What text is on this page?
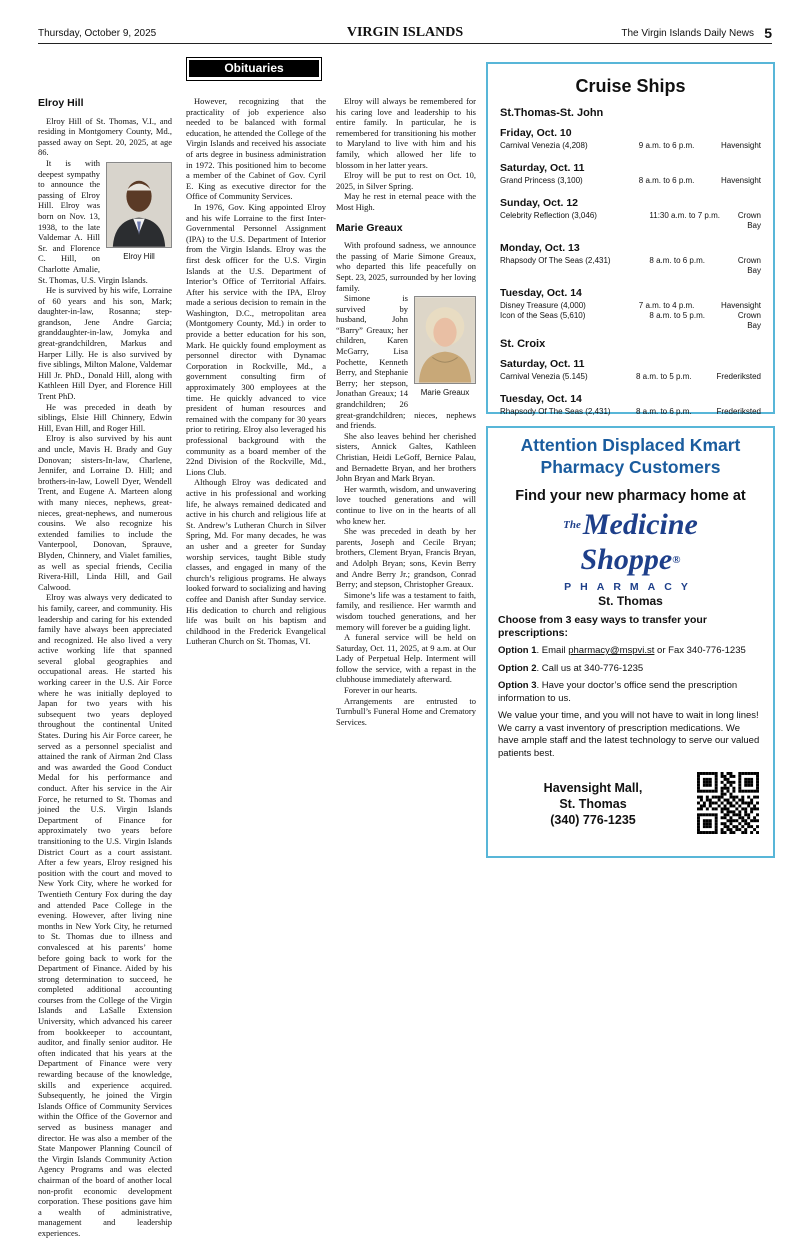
Thursday, October 9, 2025	VIRGIN ISLANDS	The Virgin Islands Daily News 5
Obituaries
Elroy Hill

Elroy Hill of St. Thomas, V.I., and residing in Montgomery County, Md., passed away on Sept. 20, 2025, at age 86.

Elroy Hill

It is with deepest sympathy to announce the passing of Elroy Hill. Elroy was born on Nov. 13, 1938, to the late Valdemar A. Hill Sr. and Florence C. Hill, on Charlotte Amalie, St. Thomas, U.S. Virgin Islands.

He is survived by his wife, Lorraine of 60 years and his son, Mark; daughter-in-law, Rosanna; step-grandson, Jene Andre Garcia; granddaughter-in-law, Jomyka and great-grandchildren, Markus and Harper Lilly. He is also survived by five siblings, Milton Malone, Valdemar Hill Jr. PhD., Donald Hill, along with Kathleen Hill Dyer, and Florence Hill Trent PhD.

He was preceded in death by siblings, Elsie Hill Chinnery, Edwin Hill, Evan Hill, and Roger Hill.

Elroy is also survived by his aunt and uncle, Mavis H. Brady and Guy Donovan; sisters-In-law, Charlene, Jennifer, and Lorraine D. Hill; and brothers-in-law, Lowell Dyer, Wendell Trent, and Eugene A. Marteen along with many nieces, nephews, great-nieces, great-nephews, and numerous cousins. We also recognize his extended families to include the Vanterpool, Donovan, Sprauve, Blyden, Chinnery, and Vialet families, as well as special friends, Cecilia Rivera-Hill, Linda Hill, and Gail Calwood.

Elroy was always very dedicated to his family, career, and community. His leadership and caring for his extended family have always been appreciated and recognized. He also lived a very active working life that spanned several global geographies and occupational areas. He started his working career in the U.S. Air Force where he was initially deployed to Japan for two years with his subsequent two years deployed throughout the continental United States. During his Air Force career, he served as a personnel specialist and attained the rank of Airman 2nd Class and was awarded the Good Conduct Medal for his performance and conduct. After his service in the Air Force, he returned to St. Thomas and joined the U.S. Virgin Islands Department of Finance for approximately two years before transitioning to the U.S. Virgin Islands District Court as a court assistant. After a few years, Elroy resigned his position with the court and moved to New York City, where he worked for Twentieth Century Fox during the day and attended Pace College in the evening. However, after living nine months in New York City, he returned to St. Thomas due to illness and convalesced at his parents’ home before going back to work for the Department of Finance. Aided by his strong determination to succeed, he completed additional accounting courses from the College of the Virgin Islands and LaSalle Extension University, which advanced his career from bookkeeper to accountant, auditor, and finally senior auditor. He often indicated that his years at the Department of Finance were very rewarding because of the knowledge, skills and experience acquired. Subsequently, he joined the Virgin Islands Office of Community Services within the Office of the Governor and served as business manager and director. He was also a member of the State Manpower Planning Council of the Virgin Islands Community Action Agency Programs and was elected chairman of the board of another local non-profit economic development corporation. These positions gave him a wealth of administrative, management and leadership experiences.

However, recognizing that the practicality of job experience also needed to be balanced with formal education, he attended the College of the Virgin Islands and received his associate of arts degree in business administration in 1972. This positioned him to become a member of the Cabinet of Gov. Cyril E. King as executive director for the Office of Community Services.

In 1976, Gov. King appointed Elroy and his wife Lorraine to the first Inter-Governmental Personnel Assignment (IPA) to the U.S. Department of Interior from the Virgin Islands. Elroy was the first desk officer for the U.S. Virgin Islands at the U.S. Department of Interior’s Office of Territorial Affairs. After his service with the IPA, Elroy made a serious decision to remain in the Washington, D.C., metropolitan area (Montgomery County, Md.) in order to provide a better education for his son, Mark. He quickly found employment as personnel director with Dynamac Corporation in Rockville, Md., a government consulting firm of approximately 300 employees at the time. He quickly advanced to vice president of human resources and remained with the company for 30 years prior to retiring. Elroy also leveraged his professional background with the community as a board member of the 22nd Division of the Rockville, Md., Lions Club.

Although Elroy was dedicated and active in his professional and working life, he always remained dedicated and active in his church and religious life at St. Andrew’s Lutheran Church in Silver Spring, Md. For many decades, he was an usher and a greeter for Sunday worship services, taught Bible study classes, and engaged in many of the church’s religious programs. He always looked forward to socializing and having coffee and Danish after Sunday service. His dedication to church and religious life was built on his baptism and childhood in the Frederick Evangelical Lutheran Church on St. Thomas, VI.

Elroy will always be remembered for his caring love and leadership to his entire family. In particular, he is remembered for transitioning his mother to Maryland to live with him and his family, which allowed her life to blossom in her latter years.

Elroy will be put to rest on Oct. 10, 2025, in Silver Spring.

May he rest in eternal peace with the Most High.

Marie Greaux

With profound sadness, we announce the passing of Marie Simone Greaux, who departed this life peacefully on Sept. 23, 2025, surrounded by her loving family.

Marie Greaux

Simone is survived by husband, John “Barry” Greaux; her children, Karen McGarry, Lisa Pochette, Kenneth Berry, and Stephanie Berry; her stepson, Jonathan Greaux; 14 grandchildren; 26 great-grandchildren; nieces, nephews and friends.

She also leaves behind her cherished sisters, Annick Galtes, Kathleen Christian, Heidi LeGoff, Bernice Palau, and Bernadette Bryan, and her brothers John Bryan and Mark Bryan.

Her warmth, wisdom, and unwavering love touched generations and will continue to live on in the hearts of all who knew her.

She was preceded in death by her parents, Joseph and Cecile Bryan; brothers, Clement Bryan, Francis Bryan, and Adolph Bryan; sons, Kevin Berry and Andre Berry Jr.; grandson, Conrad Berry; and stepson, Christopher Greaux.

Simone’s life was a testament to faith, family, and resilience. Her warmth and wisdom touched generations, and her memory will forever be a guiding light.

A funeral service will be held on Saturday, Oct. 11, 2025, at 9 a.m. at Our Lady of Perpetual Help. Interment will follow the service, with a repast in the clubhouse immediately afterward.

Forever in our hearts.

Arrangements are entrusted to Turnbull’s Funeral Home and Crematory Services.

Cruise Ships
St.Thomas-St. John
Friday, Oct. 10
Carnival Venezia (4,208)	9 a.m. to 6 p.m.	Havensight
Saturday, Oct. 11
Grand Princess (3,100)	8 a.m. to 6 p.m.	Havensight
Sunday, Oct. 12
Celebrity Reflection (3,046)	11:30 a.m. to 7 p.m.	Crown Bay
Monday, Oct. 13
Rhapsody Of The Seas (2,431)	8 a.m. to 6 p.m.	Crown Bay
Tuesday, Oct. 14
Disney Treasure (4,000)	7 a.m. to 4 p.m.	Havensight
Icon of the Seas (5,610)	8 a.m. to 5 p.m.	Crown Bay
St. Croix
Saturday, Oct. 11
Carnival Venezia (5.145)	8 a.m. to 5 p.m.	Frederiksted
Tuesday, Oct. 14
Rhapsody Of The Seas (2,431)	8 a.m. to 6 p.m.	Frederiksted
Attention Displaced Kmart
Pharmacy Customers
Find your new pharmacy home at
$^{The}$Medicine
Shoppe®
PHARMACY
St. Thomas

Choose from 3 easy ways to transfer your prescriptions:

Option 1. Email pharmacy@mspvi.st or Fax 340-776-1235

Option 2. Call us at 340-776-1235

Option 3. Have your doctor’s office send the prescription information to us.

We value your time, and you will not have to wait in long lines! We carry a vast inventory of prescription medications. We have ample staff and the latest technology to serve our valued patients best.

Havensight Mall,
St. Thomas
(340) 776-1235
